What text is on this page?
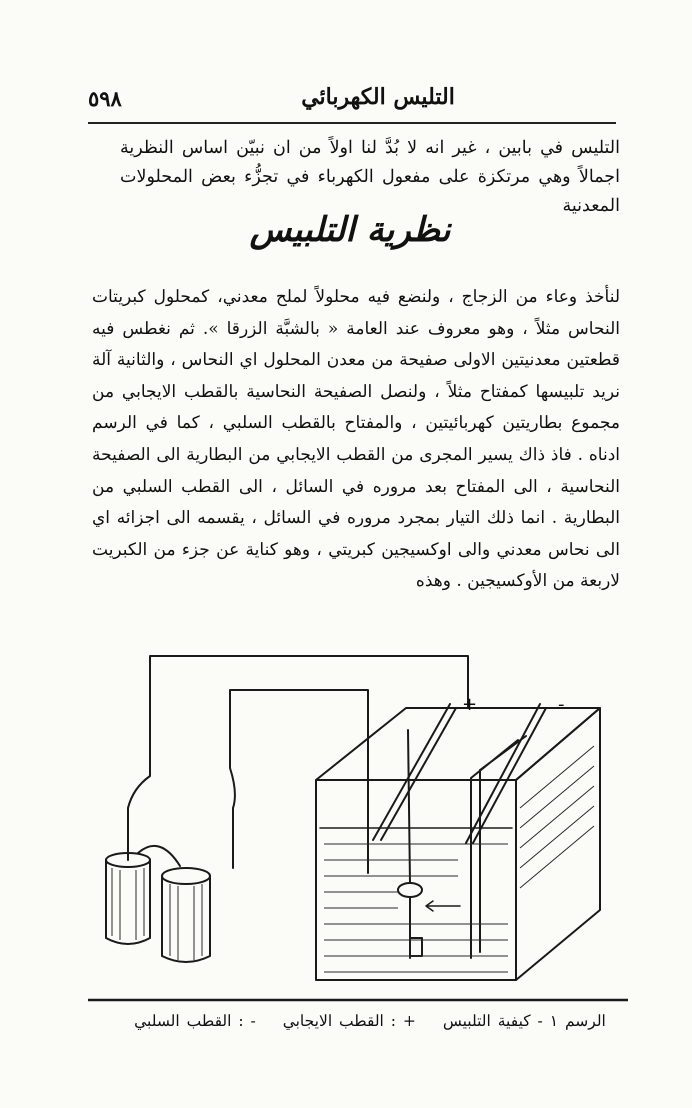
٥٩٨	التليس الكهربائي

التليس في بابين ، غير انه لا بُدَّ لنا اولاً من ان نبيّن اساس النظرية اجمالاً وهي مرتكزة على مفعول الكهرباء في تجزُّء بعض المحلولات المعدنية

نظرية التلبيس

لنأخذ وعاء من الزجاج ، ولنضع فيه محلولاً لملح معدني، كمحلول كبريتات النحاس مثلاً ، وهو معروف عند العامة « بالشبَّة الزرقا ». ثم نغطس فيه قطعتين معدنيتين الاولى صفيحة من معدن المحلول اي النحاس ، والثانية آلة نريد تلبيسها كمفتاح مثلاً ، ولنصل الصفيحة النحاسية بالقطب الايجابي من مجموع بطاريتين كهربائيتين ، والمفتاح بالقطب السلبي ، كما في الرسم ادناه . فاذ ذاك يسير المجرى من القطب الايجابي من البطارية الى الصفيحة النحاسية ، الى المفتاح بعد مروره في السائل ، الى القطب السلبي من البطارية . انما ذلك التيار بمجرد مروره في السائل ، يقسمه الى اجزائه اي الى نحاس معدني والى اوكسيجين كبريتي ، وهو كناية عن جزء من الكبريت لاربعة من الأوكسيجين . وهذه

+	-
الرسم ١ - كيفية التلبيس + : القطب الايجابي - : القطب السلبي
